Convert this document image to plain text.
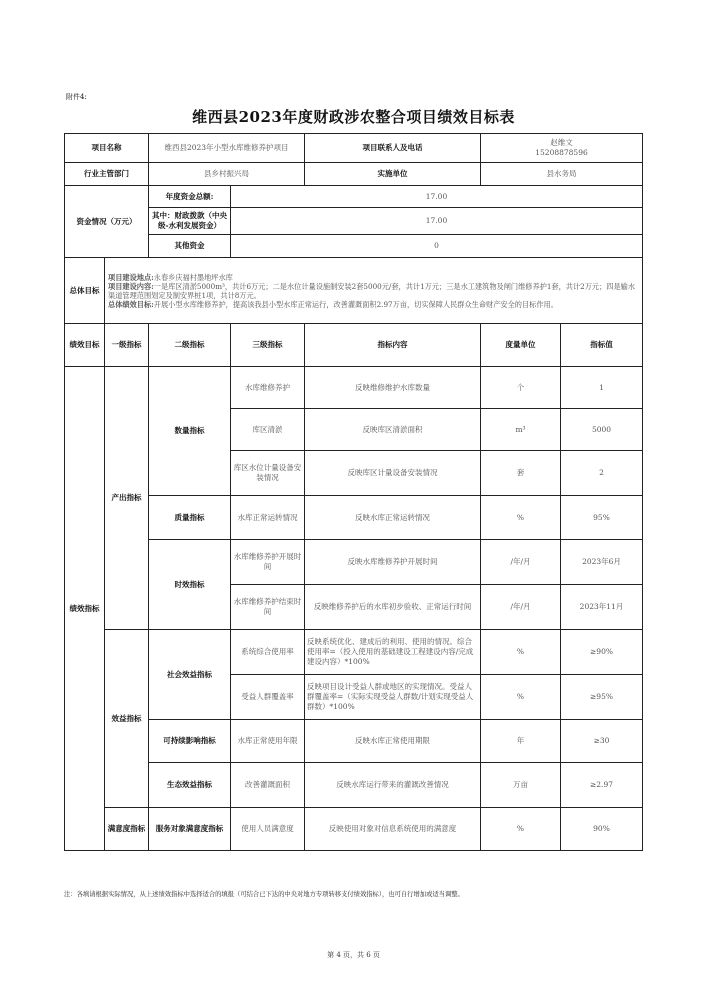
附件4:
维西县2023年度财政涉农整合项目绩效目标表
项目名称		维西县2023年小型水库维修养护项目		项目联系人及电话	赵维文
15208878596	

行业主管部门		县乡村振兴局		实施单位	县水务局	
资金情况（万元）		年度资金总额:	17.00			
		其中：财政拨款（中央级-水利发展资金）	17.00			
		其他资金	0			
总体目标	项目建设地点:永春乡庆福村墨地坪水库
项目建设内容:一是库区清淤5000m³，共计6万元；二是水位计量设施制安装2套5000元/套，共计1万元；三是水工建筑物及闸门维修养护1套，共计2万元；四是输水渠道管理范围划定及制安界桩1项，共计8万元。
总体绩效目标:开展小型水库维修养护，提高该我县小型水库正常运行，改善灌溉面积2.97万亩，切实保障人民群众生命财产安全的目标作用。					

绩效目标	一级指标	二级指标	三级指标	指标内容	度量单位	指标值
绩效指标	产出指标	数量指标	水库维修养护	反映维修维护水库数量	个	1
			库区清淤	反映库区清淤面积	m³	5000
			库区水位计量设备安装情况	反映库区计量设备安装情况	套	2
		质量指标	水库正常运转情况	反映水库正常运转情况	%	95%
		时效指标	水库维修养护开展时间	反映水库维修养护开展时间	/年/月	2023年6月
			水库维修养护结束时间	反映维修养护后的水库初步验收、正常运行时间	/年/月	2023年11月
	效益指标	社会效益指标	系统综合使用率	反映系统优化、建成后的利用、使用的情况。综合使用率=（投入使用的基础建设工程建设内容/完成建设内容）*100%	%	≥90%
			受益人群覆盖率	反映项目设计受益人群或地区的实现情况。受益人群覆盖率=（实际实现受益人群数/计划实现受益人群数）*100%	%	≥95%
		可持续影响指标	水库正常使用年限	反映水库正常使用期限	年	≥30
		生态效益指标	改善灌溉面积	反映水库运行带来的灌溉改善情况	万亩	≥2.97
	满意度指标	服务对象满意度指标	使用人员满意度	反映使用对象对信息系统使用的满意度	%	90%
注：各填请根据实际情况，从上述绩效指标中选择适合的填报（可结合已下达的中央对地方专项转移支付绩效指标），也可自行增加或适当调整。
第 4 页，共 6 页
